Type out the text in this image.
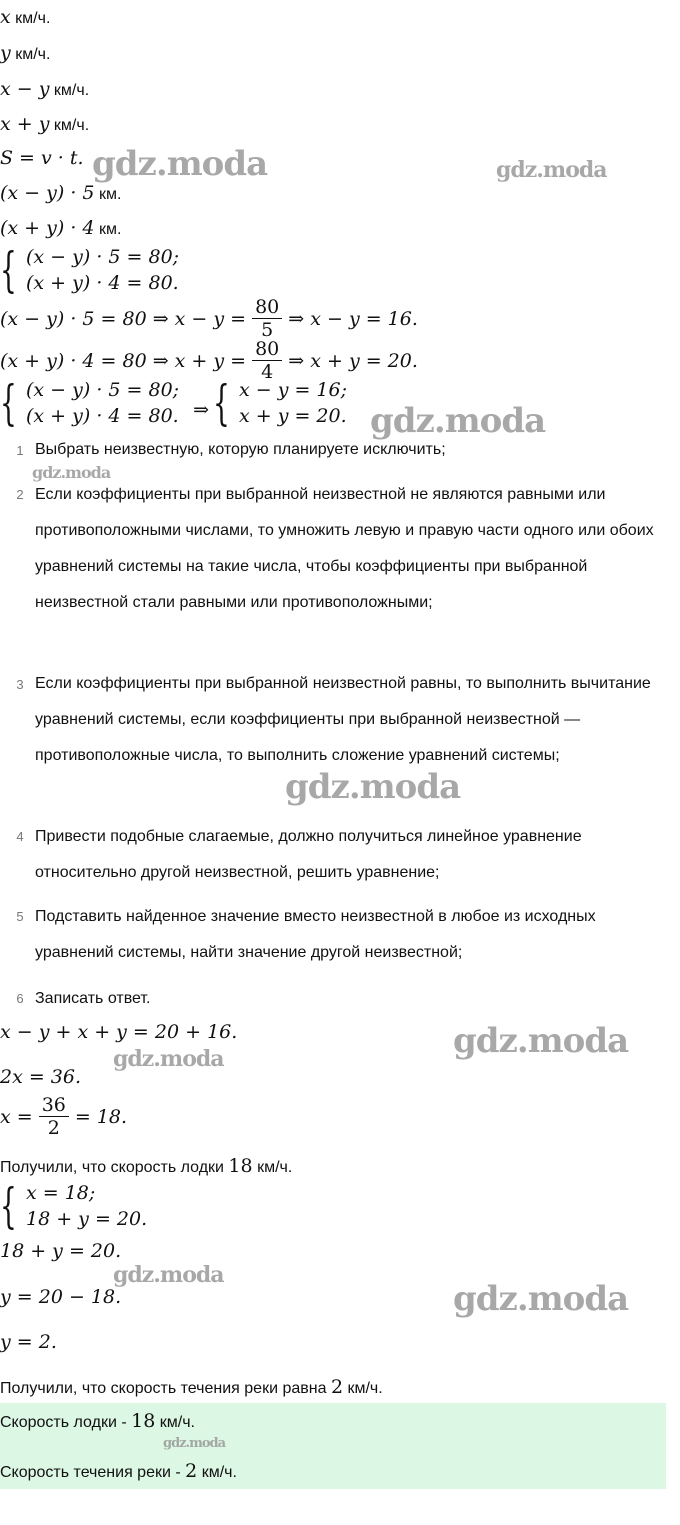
x км/ч.
y км/ч.
x − y км/ч.
x + y км/ч.
S = v · t.
(x − y) · 5 км.
(x + y) · 4 км.
{ (x − y) · 5 = 80;
(x + y) · 4 = 80.
(x − y) · 5 = 80 ⇒ $x - y = \frac{80}{5}$ ⇒ x − y = 16.
(x + y) · 4 = 80 ⇒ $x + y = \frac{80}{4}$ ⇒ x + y = 20.
{ (x − y) · 5 = 80;
(x + y) · 4 = 80. ⇒ { x − y = 16;
x + y = 20.
1 Выбрать неизвестную, которую планируете исключить;
2 Если коэффициенты при выбранной неизвестной не являются равными или противоположными числами, то умножить левую и правую части одного или обоих уравнений системы на такие числа, чтобы коэффициенты при выбранной неизвестной стали равными или противоположными;
3 Если коэффициенты при выбранной неизвестной равны, то выполнить вычитание уравнений системы, если коэффициенты при выбранной неизвестной — противоположные числа, то выполнить сложение уравнений системы;
4 Привести подобные слагаемые, должно получиться линейное уравнение относительно другой неизвестной, решить уравнение;
5 Подставить найденное значение вместо неизвестной в любое из исходных уравнений системы, найти значение другой неизвестной;
6 Записать ответ.
x − y + x + y = 20 + 16.
2x = 36.
$x = \frac{36}{2} = 18$.
Получили, что скорость лодки 18 км/ч.
{ x = 18;
18 + y = 20.
18 + y = 20.
y = 20 − 18.
y = 2.
Получили, что скорость течения реки равна 2 км/ч.
Скорость лодки - 18 км/ч.
Скорость течения реки - 2 км/ч.
gdz.moda	gdz.moda
gdz.moda
gdz.moda
gdz.moda
gdz.moda
gdz.moda
gdz.moda
gdz.moda
gdz.moda
